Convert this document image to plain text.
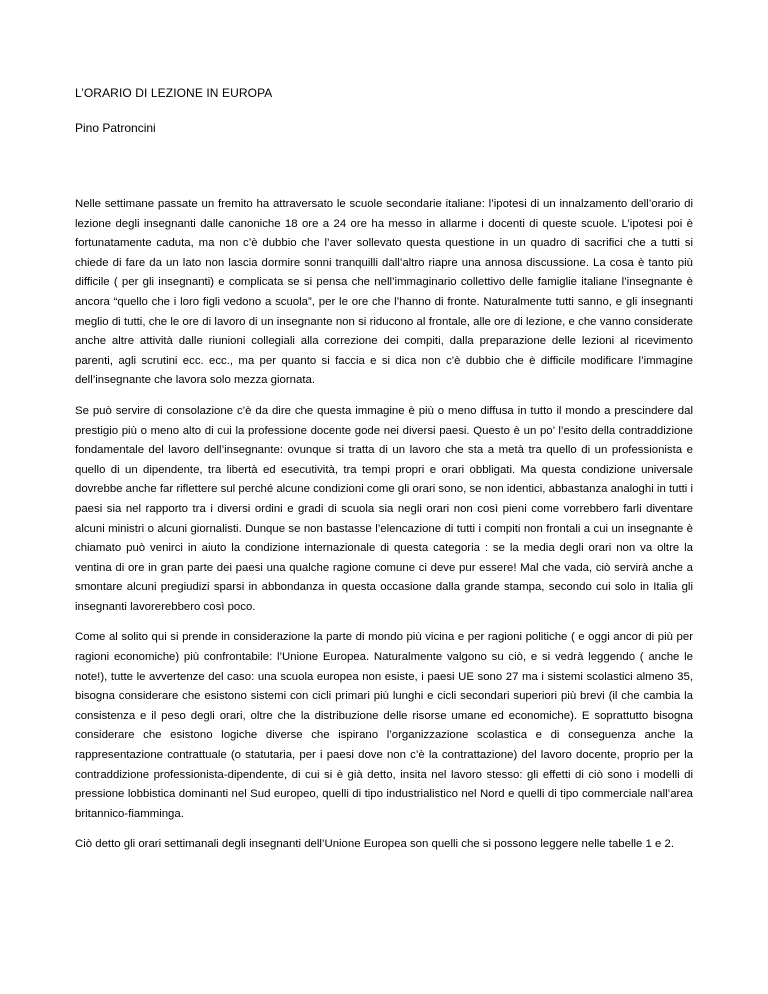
L’ORARIO DI LEZIONE IN EUROPA
Pino Patroncini

Nelle settimane passate un fremito ha attraversato le scuole secondarie italiane: l’ipotesi di un innalzamento dell’orario di lezione degli insegnanti dalle canoniche 18 ore a 24 ore ha messo in allarme i docenti di queste scuole. L’ipotesi poi è fortunatamente caduta, ma non c’è dubbio che l’aver sollevato questa questione in un quadro di sacrifici che a tutti si chiede di fare da un lato non lascia dormire sonni tranquilli dall’altro riapre una annosa discussione. La cosa è tanto più difficile ( per gli insegnanti) e complicata se si pensa che nell’immaginario collettivo delle famiglie italiane l’insegnante è ancora “quello che i loro figli vedono a scuola”, per le ore che l’hanno di fronte. Naturalmente tutti sanno, e gli insegnanti meglio di tutti, che le ore di lavoro di un insegnante non si riducono al frontale, alle ore di lezione, e che vanno considerate anche altre attività dalle riunioni collegiali alla correzione dei compiti, dalla preparazione delle lezioni al ricevimento parenti, agli scrutini ecc. ecc., ma per quanto si faccia e si dica non c’è dubbio che è difficile modificare l’immagine dell’insegnante che lavora solo mezza giornata.

Se può servire di consolazione c’è da dire che questa immagine è più o meno diffusa in tutto il mondo a prescindere dal prestigio più o meno alto di cui la professione docente gode nei diversi paesi. Questo è un po’ l’esito della contraddizione fondamentale del lavoro dell’insegnante: ovunque si tratta di un lavoro che sta a metà tra quello di un professionista e quello di un dipendente, tra libertà ed esecutività, tra tempi propri e orari obbligati. Ma questa condizione universale dovrebbe anche far riflettere sul perché alcune condizioni come gli orari sono, se non identici, abbastanza analoghi in tutti i paesi sia nel rapporto tra i diversi ordini e gradi di scuola sia negli orari non così pieni come vorrebbero farli diventare alcuni ministri o alcuni giornalisti. Dunque se non bastasse l’elencazione di tutti i compiti non frontali a cui un insegnante è chiamato può venirci in aiuto la condizione internazionale di questa categoria : se la media degli orari non va oltre la ventina di ore in gran parte dei paesi una qualche ragione comune ci deve pur essere! Mal che vada, ciò servirà anche a smontare alcuni pregiudizi sparsi in abbondanza in questa occasione dalla grande stampa, secondo cui solo in Italia gli insegnanti lavorerebbero così poco.

Come al solito qui si prende in considerazione la parte di mondo più vicina e per ragioni politiche ( e oggi ancor di più per ragioni economiche) più confrontabile: l’Unione Europea. Naturalmente valgono su ciò, e si vedrà leggendo ( anche le note!), tutte le avvertenze del caso: una scuola europea non esiste, i paesi UE sono 27 ma i sistemi scolastici almeno 35, bisogna considerare che esistono sistemi con cicli primari più lunghi e cicli secondari superiori più brevi (il che cambia la consistenza e il peso degli orari, oltre che la distribuzione delle risorse umane ed economiche). E soprattutto bisogna considerare che esistono logiche diverse che ispirano l’organizzazione scolastica e di conseguenza anche la rappresentazione contrattuale (o statutaria, per i paesi dove non c’è la contrattazione) del lavoro docente, proprio per la contraddizione professionista-dipendente, di cui si è già detto, insita nel lavoro stesso: gli effetti di ciò sono i modelli di pressione lobbistica dominanti nel Sud europeo, quelli di tipo industrialistico nel Nord e quelli di tipo commerciale nall’area britannico-fiamminga.

Ciò detto gli orari settimanali degli insegnanti dell’Unione Europea son quelli che si possono leggere nelle tabelle 1 e 2.
